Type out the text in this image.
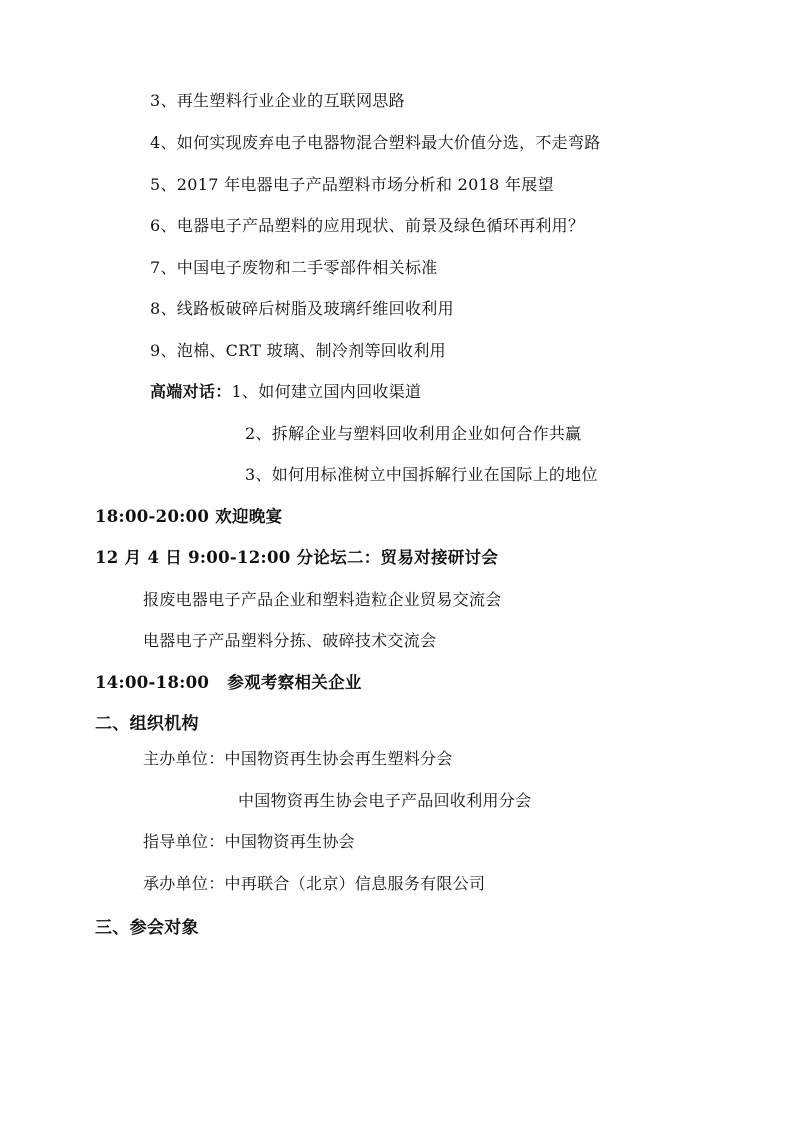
3、再生塑料行业企业的互联网思路
4、如何实现废弃电子电器物混合塑料最大价值分选，不走弯路
5、2017 年电器电子产品塑料市场分析和 2018 年展望
6、电器电子产品塑料的应用现状、前景及绿色循环再利用？
7、中国电子废物和二手零部件相关标准
8、线路板破碎后树脂及玻璃纤维回收利用
9、泡棉、CRT 玻璃、制冷剂等回收利用
高端对话：1、如何建立国内回收渠道
2、拆解企业与塑料回收利用企业如何合作共赢
3、如何用标准树立中国拆解行业在国际上的地位
18:00-20:00 欢迎晚宴
12 月 4 日 9:00-12:00 分论坛二：贸易对接研讨会
报废电器电子产品企业和塑料造粒企业贸易交流会
电器电子产品塑料分拣、破碎技术交流会
14:00-18:00   参观考察相关企业
二、组织机构
主办单位：中国物资再生协会再生塑料分会
中国物资再生协会电子产品回收利用分会
指导单位：中国物资再生协会
承办单位：中再联合（北京）信息服务有限公司
三、参会对象
